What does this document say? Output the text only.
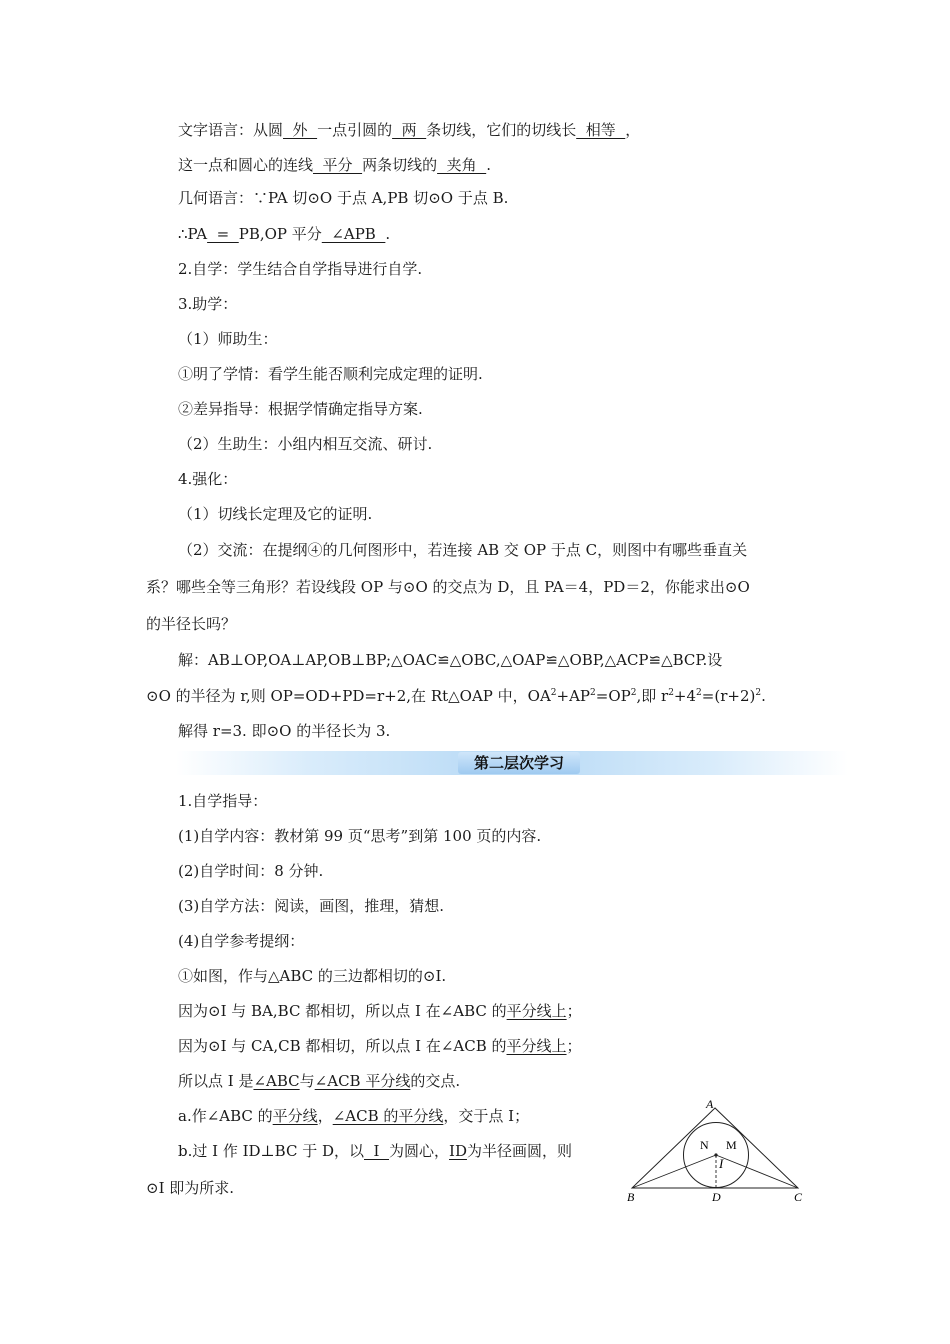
文字语言：从圆  外  一点引圆的  两  条切线，它们的切线长  相等  ，
这一点和圆心的连线  平分  两条切线的  夹角  .
几何语言：∵PA 切⊙O 于点 A,PB 切⊙O 于点 B.
∴PA  =  PB,OP 平分  ∠APB  .
2.自学：学生结合自学指导进行自学.
3.助学：
（1）师助生：
①明了学情：看学生能否顺利完成定理的证明.
②差异指导：根据学情确定指导方案.
（2）生助生：小组内相互交流、研讨.
4.强化：
（1）切线长定理及它的证明.
（2）交流：在提纲④的几何图形中，若连接 AB 交 OP 于点 C，则图中有哪些垂直关
系？哪些全等三角形？若设线段 OP 与⊙O 的交点为 D，且 PA＝4，PD＝2，你能求出⊙O
的半径长吗？
解：AB⊥OP,OA⊥AP,OB⊥BP;△OAC≌△OBC,△OAP≌△OBP,△ACP≌△BCP.设
⊙O 的半径为 r,则 OP=OD+PD=r+2,在 Rt△OAP 中，$OA^2+AP^2=OP^2$,即 $r^2+4^2=(r+2)^2$.
解得 r=3. 即⊙O 的半径长为 3.
第二层次学习
1.自学指导：
(1)自学内容：教材第 99 页“思考”到第 100 页的内容.
(2)自学时间：8 分钟.
(3)自学方法：阅读，画图，推理，猜想.
(4)自学参考提纲：
①如图，作与△ABC 的三边都相切的⊙I.
因为⊙I 与 BA,BC 都相切，所以点 I 在∠ABC 的平分线上；
因为⊙I 与 CA,CB 都相切，所以点 I 在∠ACB 的平分线上；
所以点 I 是∠ABC与∠ACB 平分线的交点.
a.作∠ABC 的平分线，∠ACB 的平分线，交于点 I；
b.过 I 作 ID⊥BC 于 D，以  I  为圆心，ID为半径画圆，则
⊙I 即为所求.
A
B	C
D
N M
I
